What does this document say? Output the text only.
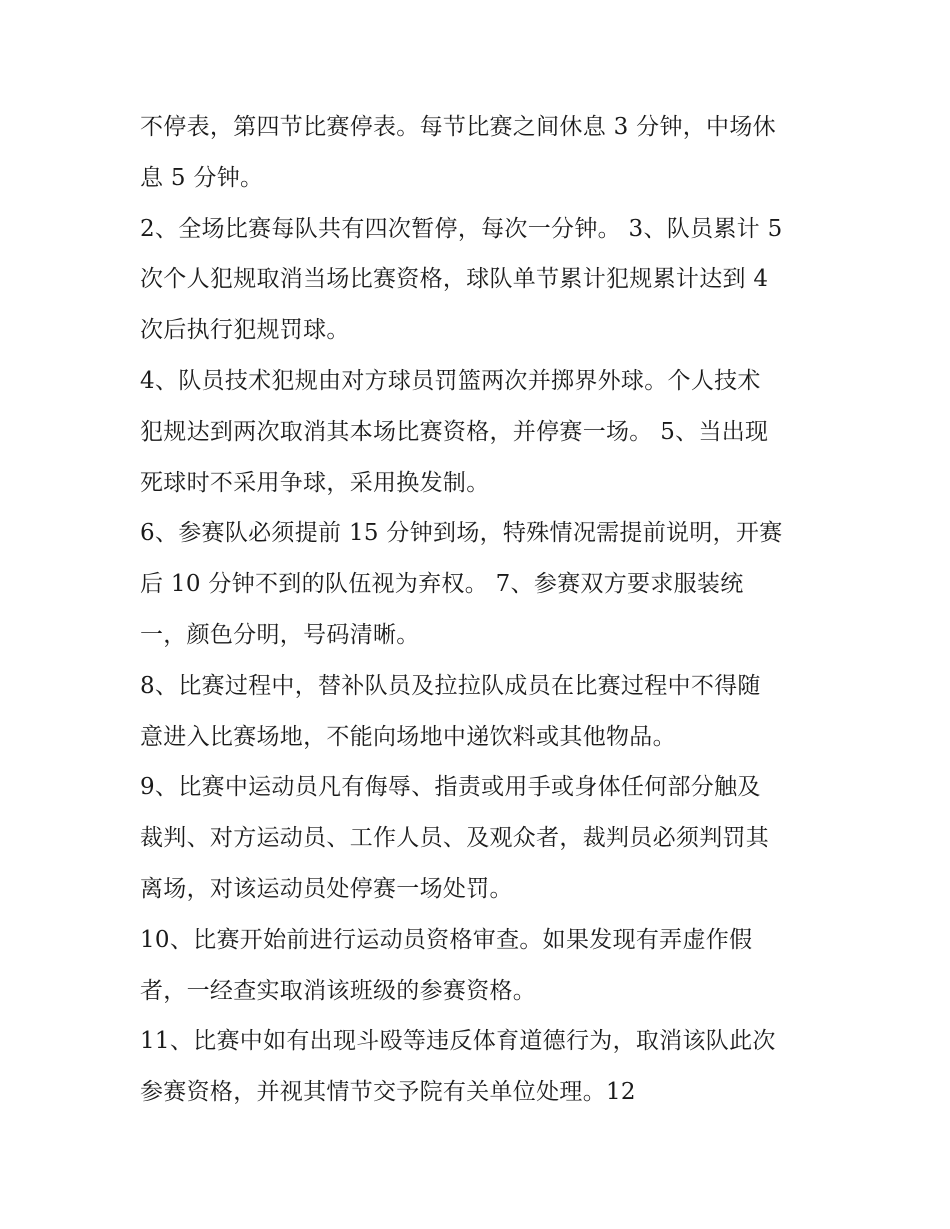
不停表，第四节比赛停表。每节比赛之间休息 3 分钟，中场休
息 5 分钟。
2、全场比赛每队共有四次暂停，每次一分钟。 3、队员累计 5
次个人犯规取消当场比赛资格，球队单节累计犯规累计达到 4
次后执行犯规罚球。
4、队员技术犯规由对方球员罚篮两次并掷界外球。个人技术
犯规达到两次取消其本场比赛资格，并停赛一场。 5、当出现
死球时不采用争球，采用换发制。
6、参赛队必须提前 15 分钟到场，特殊情况需提前说明，开赛
后 10 分钟不到的队伍视为弃权。 7、参赛双方要求服装统
一，颜色分明，号码清晰。
8、比赛过程中，替补队员及拉拉队成员在比赛过程中不得随
意进入比赛场地，不能向场地中递饮料或其他物品。
9、比赛中运动员凡有侮辱、指责或用手或身体任何部分触及
裁判、对方运动员、工作人员、及观众者，裁判员必须判罚其
离场，对该运动员处停赛一场处罚。
10、比赛开始前进行运动员资格审查。如果发现有弄虚作假
者，一经查实取消该班级的参赛资格。
11、比赛中如有出现斗殴等违反体育道德行为，取消该队此次
参赛资格，并视其情节交予院有关单位处理。12
